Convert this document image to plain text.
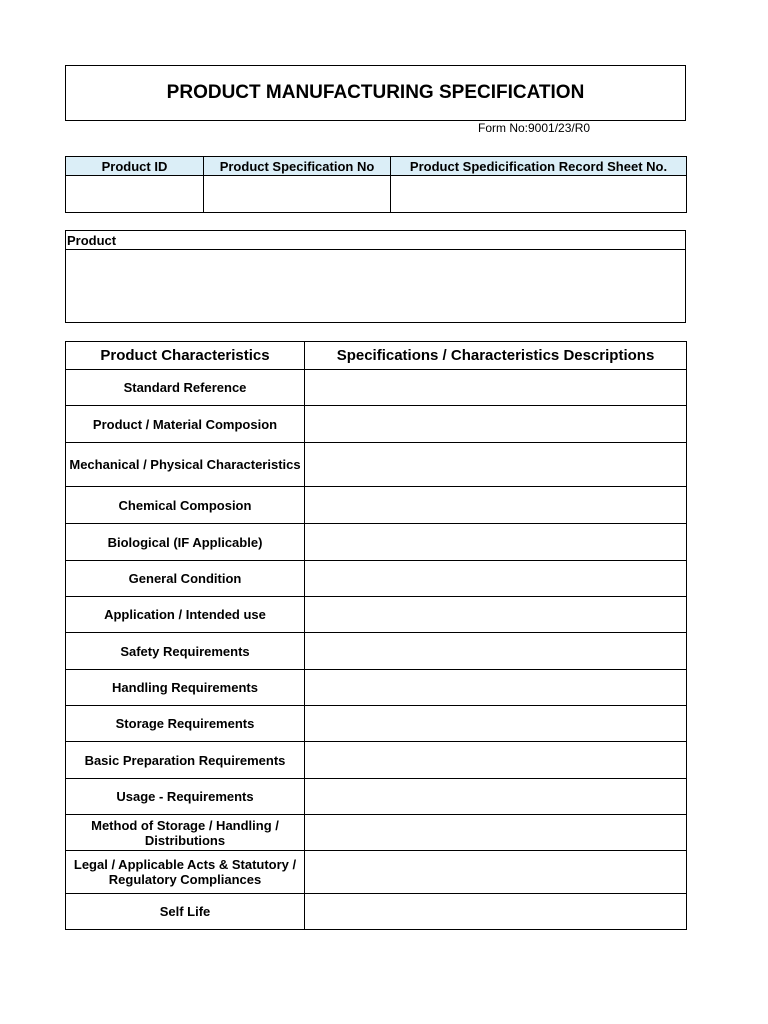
PRODUCT MANUFACTURING SPECIFICATION
Form No:9001/23/R0
Product ID	Product Specification No	Product Spedicification Record Sheet No.

Product

Product Characteristics	Specifications / Characteristics Descriptions
Standard Reference	
Product / Material Composion	
Mechanical / Physical Characteristics	
Chemical Composion	
Biological (IF Applicable)	
General Condition	
Application / Intended use	
Safety Requirements	
Handling Requirements	
Storage Requirements	
Basic Preparation Requirements	
Usage - Requirements	
Method of Storage / Handling / Distributions	
Legal / Applicable Acts & Statutory / Regulatory Compliances	
Self Life	
